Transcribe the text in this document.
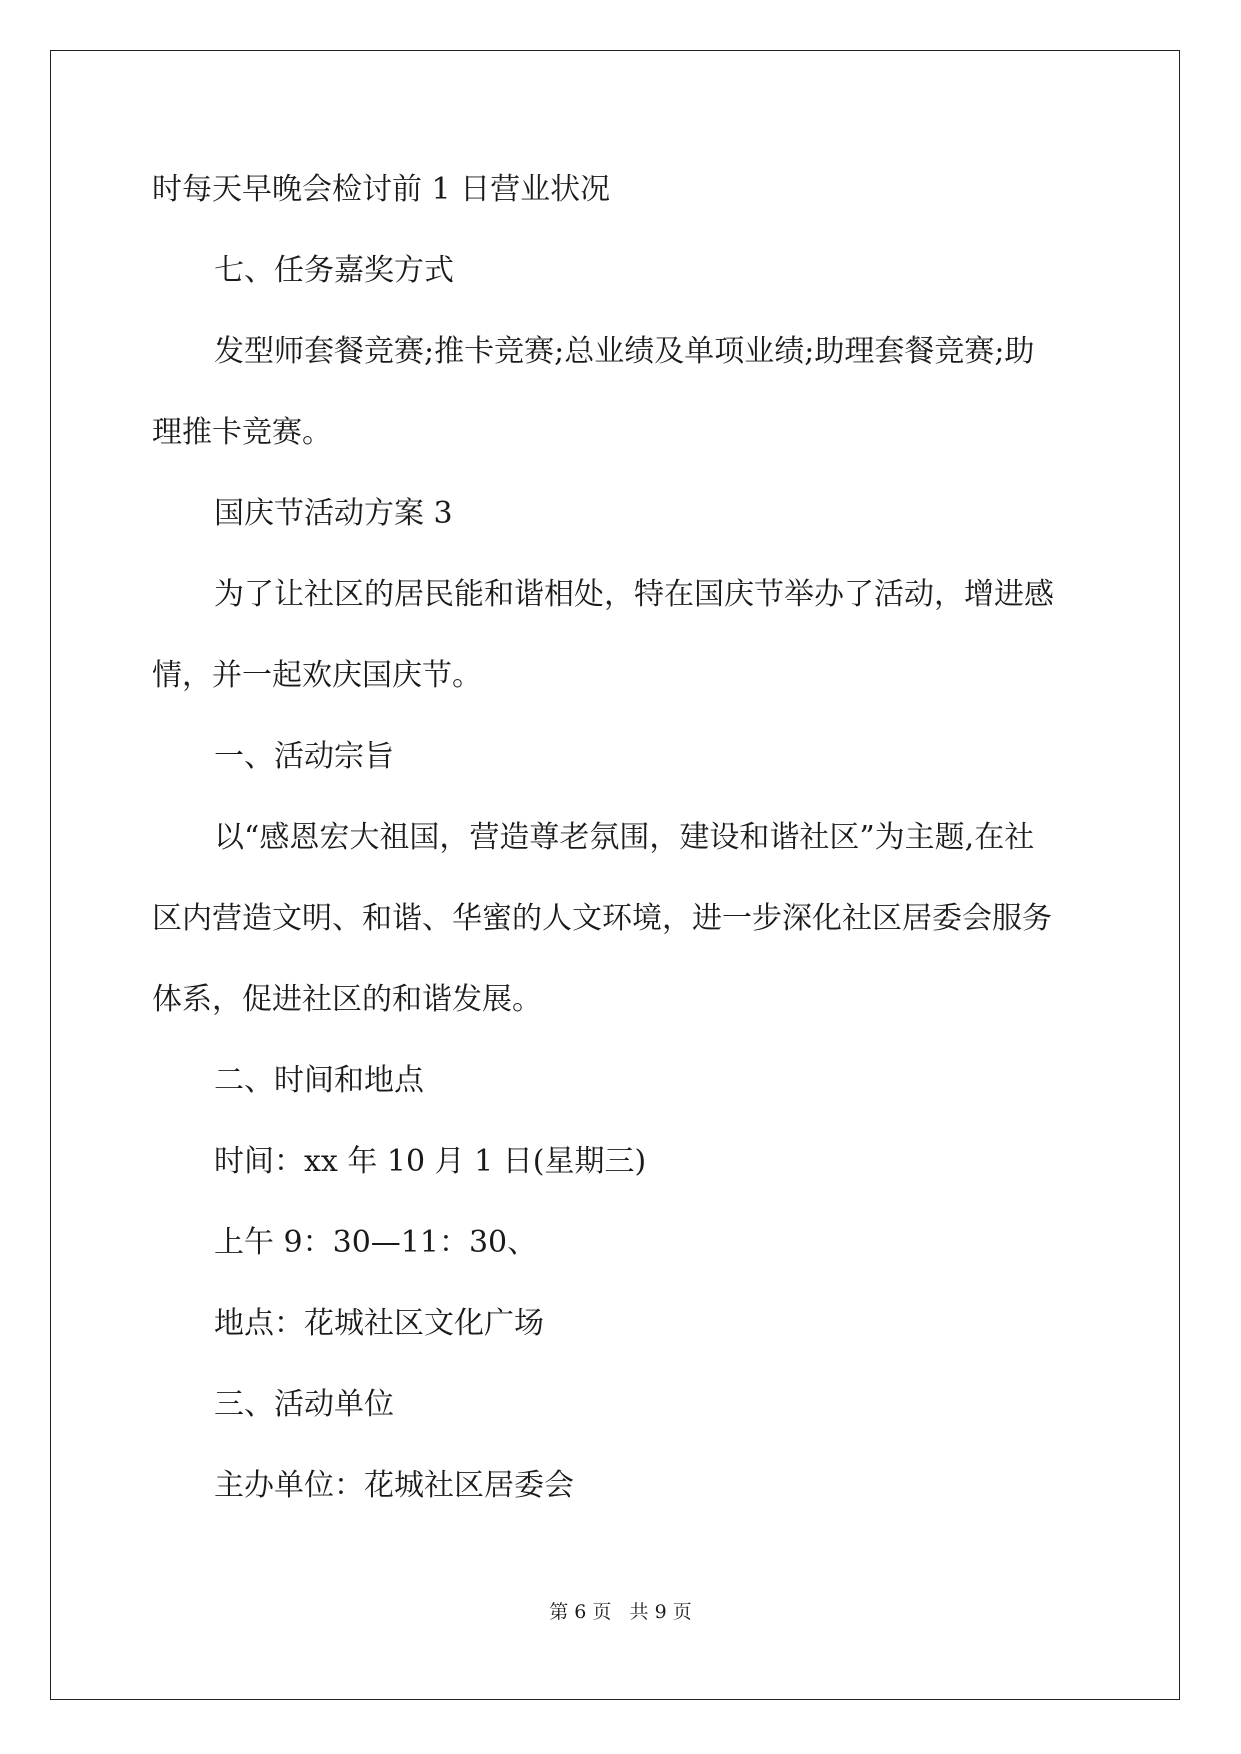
时每天早晚会检讨前 1 日营业状况
七、任务嘉奖方式
发型师套餐竞赛;推卡竞赛;总业绩及单项业绩;助理套餐竞赛;助
理推卡竞赛。
国庆节活动方案 3
为了让社区的居民能和谐相处，特在国庆节举办了活动，增进感
情，并一起欢庆国庆节。
一、活动宗旨
以“感恩宏大祖国，营造尊老氛围，建设和谐社区”为主题,在社
区内营造文明、和谐、华蜜的人文环境，进一步深化社区居委会服务
体系，促进社区的和谐发展。
二、时间和地点
时间：xx 年 10 月 1 日(星期三)
上午 9：30—11：30、
地点：花城社区文化广场
三、活动单位
主办单位：花城社区居委会
第 6 页   共 9 页
